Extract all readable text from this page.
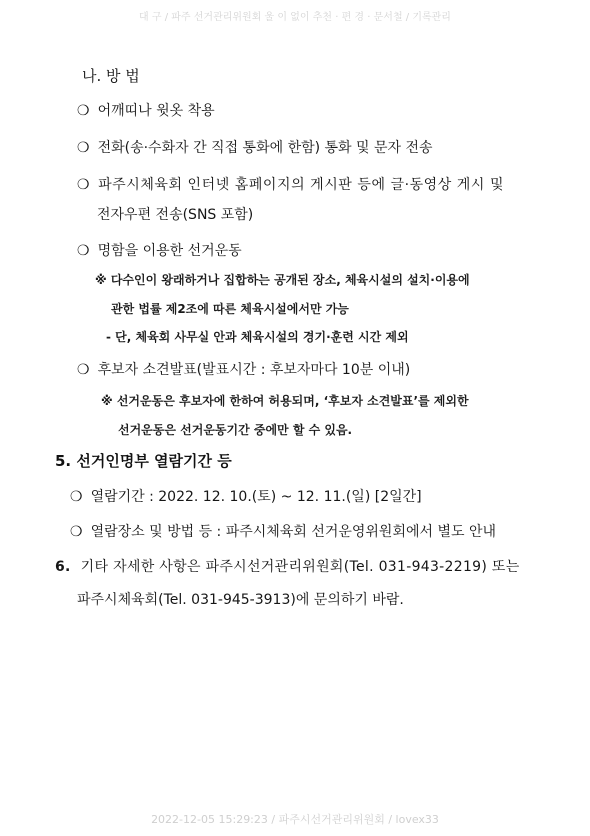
대 구 / 파주 선거관리위원회 울 이 없이 추천 · 편 경 · 문서철 / 기록관리
나. 방 법
❍ 어깨띠나 윗옷 착용
❍ 전화(송·수화자 간 직접 통화에 한함) 통화 및 문자 전송
❍ 파주시체육회 인터넷 홈페이지의 게시판 등에 글·동영상 게시 및
전자우편 전송(SNS 포함)
❍ 명함을 이용한 선거운동
※ 다수인이 왕래하거나 집합하는 공개된 장소, 체육시설의 설치·이용에
관한 법률 제2조에 따른 체육시설에서만 가능
- 단, 체육회 사무실 안과 체육시설의 경기·훈련 시간 제외
❍ 후보자 소견발표(발표시간 : 후보자마다 10분 이내)
※ 선거운동은 후보자에 한하여 허용되며, ‘후보자 소견발표’를 제외한
선거운동은 선거운동기간 중에만 할 수 있음.
5. 선거인명부 열람기간 등
❍ 열람기간 : 2022. 12. 10.(토) ~ 12. 11.(일) [2일간]
❍ 열람장소 및 방법 등 : 파주시체육회 선거운영위원회에서 별도 안내
6. 기타 자세한 사항은 파주시선거관리위원회(Tel. 031-943-2219) 또는
파주시체육회(Tel. 031-945-3913)에 문의하기 바람.
2022-12-05 15:29:23 / 파주시선거관리위원회 / lovex33
